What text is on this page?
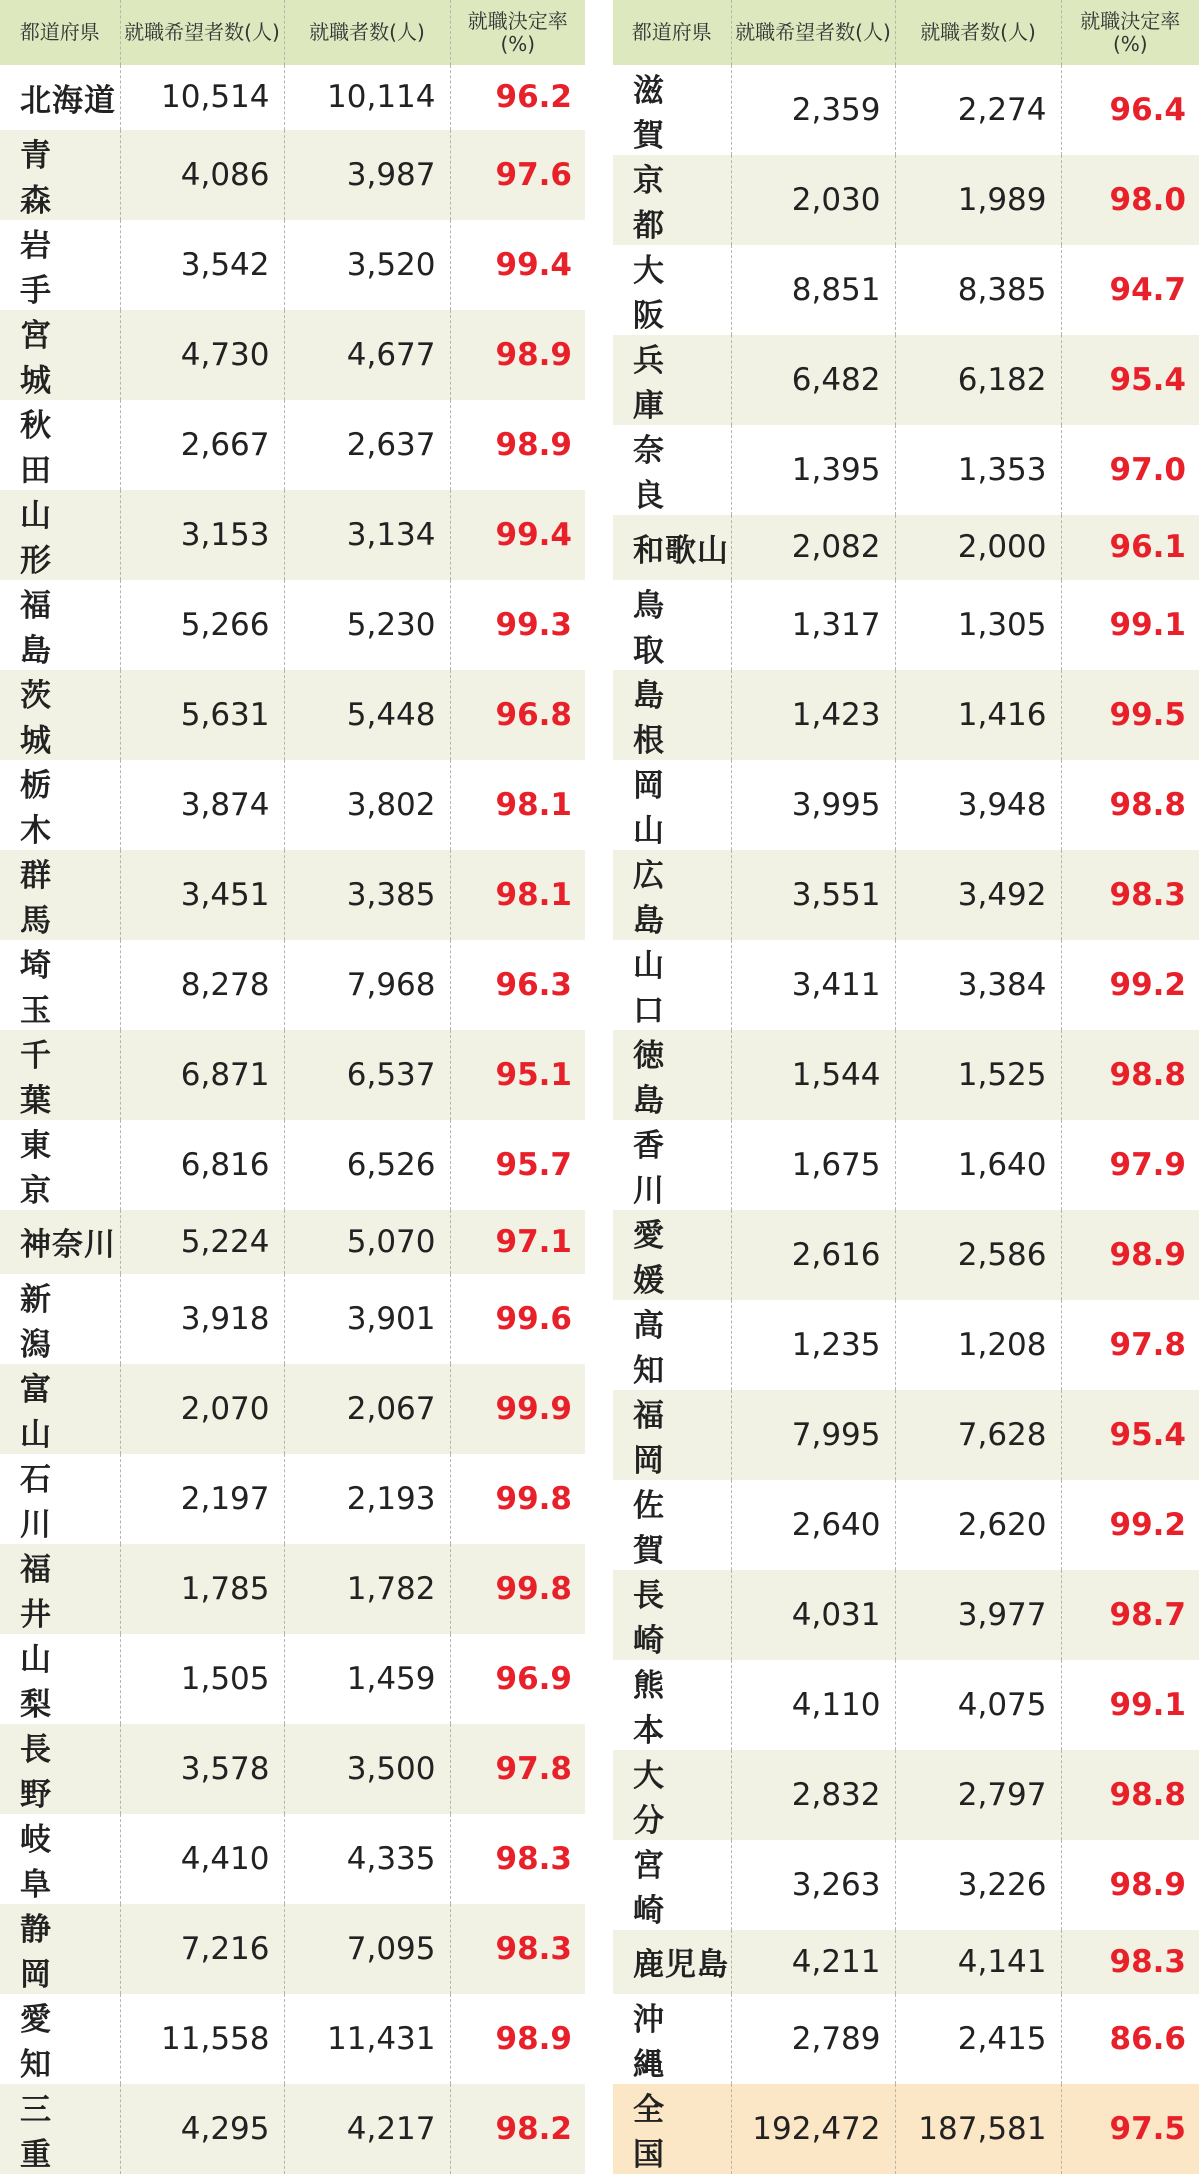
都道府県	就職希望者数(人)	就職者数(人)	就職決定率
(%)
北海道	10,514	10,114	96.2
青森	4,086	3,987	97.6
岩手	3,542	3,520	99.4
宮城	4,730	4,677	98.9
秋田	2,667	2,637	98.9
山形	3,153	3,134	99.4
福島	5,266	5,230	99.3
茨城	5,631	5,448	96.8
栃木	3,874	3,802	98.1
群馬	3,451	3,385	98.1
埼玉	8,278	7,968	96.3
千葉	6,871	6,537	95.1
東京	6,816	6,526	95.7
神奈川	5,224	5,070	97.1
新潟	3,918	3,901	99.6
富山	2,070	2,067	99.9
石川	2,197	2,193	99.8
福井	1,785	1,782	99.8
山梨	1,505	1,459	96.9
長野	3,578	3,500	97.8
岐阜	4,410	4,335	98.3
静岡	7,216	7,095	98.3
愛知	11,558	11,431	98.9
三重	4,295	4,217	98.2
都道府県	就職希望者数(人)	就職者数(人)	就職決定率
(%)
滋賀	2,359	2,274	96.4
京都	2,030	1,989	98.0
大阪	8,851	8,385	94.7
兵庫	6,482	6,182	95.4
奈良	1,395	1,353	97.0
和歌山	2,082	2,000	96.1
鳥取	1,317	1,305	99.1
島根	1,423	1,416	99.5
岡山	3,995	3,948	98.8
広島	3,551	3,492	98.3
山口	3,411	3,384	99.2
徳島	1,544	1,525	98.8
香川	1,675	1,640	97.9
愛媛	2,616	2,586	98.9
高知	1,235	1,208	97.8
福岡	7,995	7,628	95.4
佐賀	2,640	2,620	99.2
長崎	4,031	3,977	98.7
熊本	4,110	4,075	99.1
大分	2,832	2,797	98.8
宮崎	3,263	3,226	98.9
鹿児島	4,211	4,141	98.3
沖縄	2,789	2,415	86.6
全国	192,472	187,581	97.5
